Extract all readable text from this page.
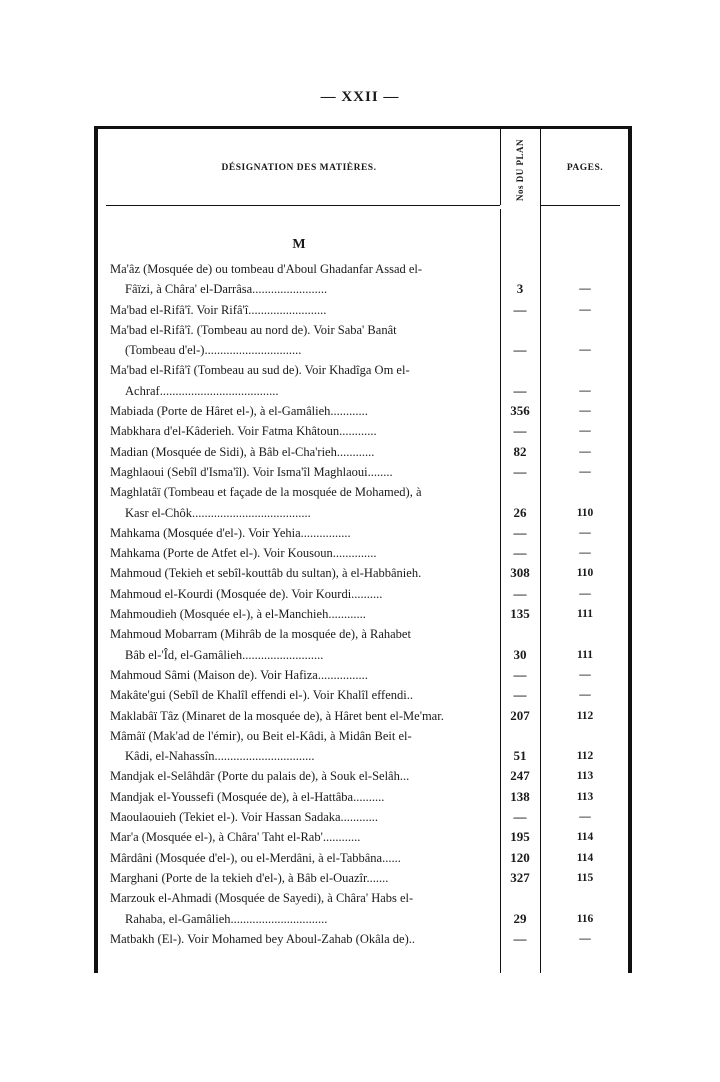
— XXII —
DÉSIGNATION DES MATIÈRES.	Nos DU PLAN	PAGES.
M
Ma'âz (Mosquée de) ou tombeau d'Aboul Ghadanfar Assad el-
Fâïzi, à Châra' el-Darrâsa........................	3	—
Ma'bad el-Rifâ'î. Voir Rifâ'î.........................	—	—
Ma'bad el-Rifâ'î. (Tombeau au nord de). Voir Saba' Banât
(Tombeau d'el-)...............................	—	—
Ma'bad el-Rifâ'î (Tombeau au sud de). Voir Khadîga Om el-
Achraf......................................	—	—
Mabiada (Porte de Hâret el-), à el-Gamâlieh............	356	—
Mabkhara d'el-Kâderieh. Voir Fatma Khâtoun............	—	—
Madian (Mosquée de Sidi), à Bâb el-Cha'rieh............	82	—
Maghlaoui (Sebîl d'Isma'îl). Voir Isma'îl Maghlaoui........	—	—
Maghlatâï (Tombeau et façade de la mosquée de Mohamed), à
Kasr el-Chôk......................................	26	110
Mahkama (Mosquée d'el-). Voir Yehia................	—	—
Mahkama (Porte de Atfet el-). Voir Kousoun..............	—	—
Mahmoud (Tekieh et sebîl-kouttâb du sultan), à el-Habbânieh.	308	110
Mahmoud el-Kourdi (Mosquée de). Voir Kourdi..........	—	—
Mahmoudieh (Mosquée el-), à el-Manchieh............	135	111
Mahmoud Mobarram (Mihrâb de la mosquée de), à Rahabet
Bâb el-'Îd, el-Gamâlieh..........................	30	111
Mahmoud Sâmi (Maison de). Voir Hafiza................	—	—
Makâte'gui (Sebîl de Khalîl effendi el-). Voir Khalîl effendi..	—	—
Maklabâï Tâz (Minaret de la mosquée de), à Hâret bent el-Me'mar.	207	112
Mâmâï (Mak'ad de l'émir), ou Beit el-Kâdi, à Midân Beit el-
Kâdi, el-Nahassîn................................	51	112
Mandjak el-Selâhdâr (Porte du palais de), à Souk el-Selâh...	247	113
Mandjak el-Youssefi (Mosquée de), à el-Hattâba..........	138	113
Maoulaouieh (Tekiet el-). Voir Hassan Sadaka............	—	—
Mar'a (Mosquée el-), à Châra' Taht el-Rab'............	195	114
Mârdâni (Mosquée d'el-), ou el-Merdâni, à el-Tabbâna......	120	114
Marghani (Porte de la tekieh d'el-), à Bâb el-Ouazîr.......	327	115
Marzouk el-Ahmadi (Mosquée de Sayedi), à Châra' Habs el-
Rahaba, el-Gamâlieh...............................	29	116
Matbakh (El-). Voir Mohamed bey Aboul-Zahab (Okâla de)..	—	—
